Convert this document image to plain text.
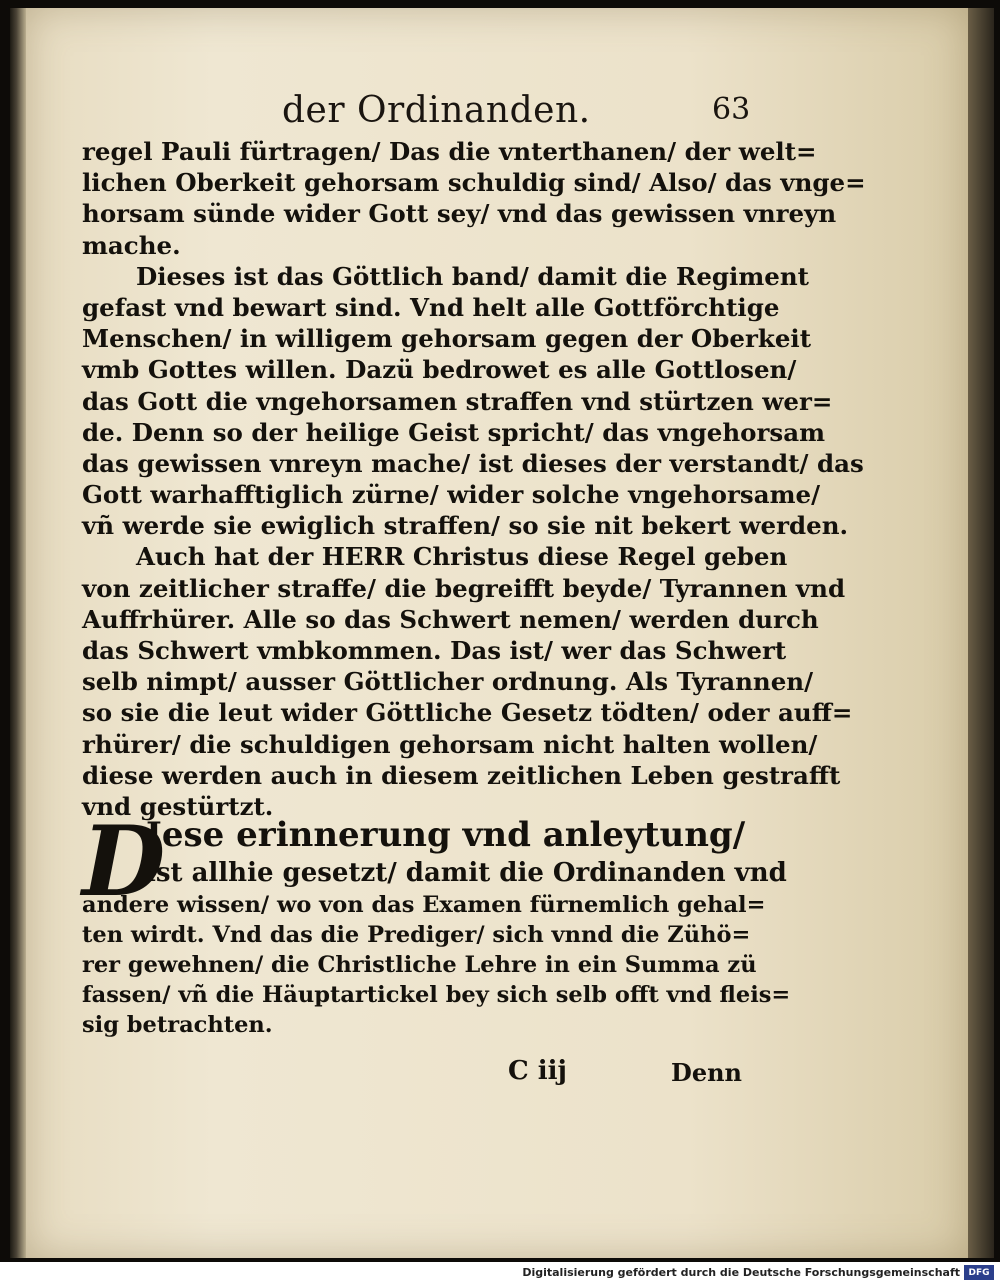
der Ordinanden.	63
regel Pauli fürtragen/ Das die vnterthanen/ der welt=
lichen Oberkeit gehorsam schuldig sind/ Also/ das vnge=
horsam sünde wider Gott sey/ vnd das gewissen vnreyn
mache.
Dieses ist das Göttlich band/ damit die Regiment
gefast vnd bewart sind. Vnd helt alle Gottförchtige
Menschen/ in willigem gehorsam gegen der Oberkeit
vmb Gottes willen. Dazü bedrowet es alle Gottlosen/
das Gott die vngehorsamen straffen vnd stürtzen wer=
de. Denn so der heilige Geist spricht/ das vngehorsam
das gewissen vnreyn mache/ ist dieses der verstandt/ das
Gott warhafftiglich zürne/ wider solche vngehorsame/
vñ werde sie ewiglich straffen/ so sie nit bekert werden.
Auch hat der HERR Christus diese Regel geben
von zeitlicher straffe/ die begreifft beyde/ Tyrannen vnd
Auffrhürer. Alle so das Schwert nemen/ werden durch
das Schwert vmbkommen. Das ist/ wer das Schwert
selb nimpt/ ausser Göttlicher ordnung. Als Tyrannen/
so sie die leut wider Göttliche Gesetz tödten/ oder auff=
rhürer/ die schuldigen gehorsam nicht halten wollen/
diese werden auch in diesem zeitlichen Leben gestrafft
vnd gestürtzt.
D
Iese erinnerung vnd anleytung/
ist allhie gesetzt/ damit die Ordinanden vnd
andere wissen/ wo von das Examen fürnemlich gehal=
ten wirdt. Vnd das die Prediger/ sich vnnd die Zühö=
rer gewehnen/ die Christliche Lehre in ein Summa zü
fassen/ vñ die Häuptartickel bey sich selb offt vnd fleis=
sig betrachten.
C iij	Denn
Digitalisierung gefördert durch die Deutsche Forschungsgemeinschaft DFG
